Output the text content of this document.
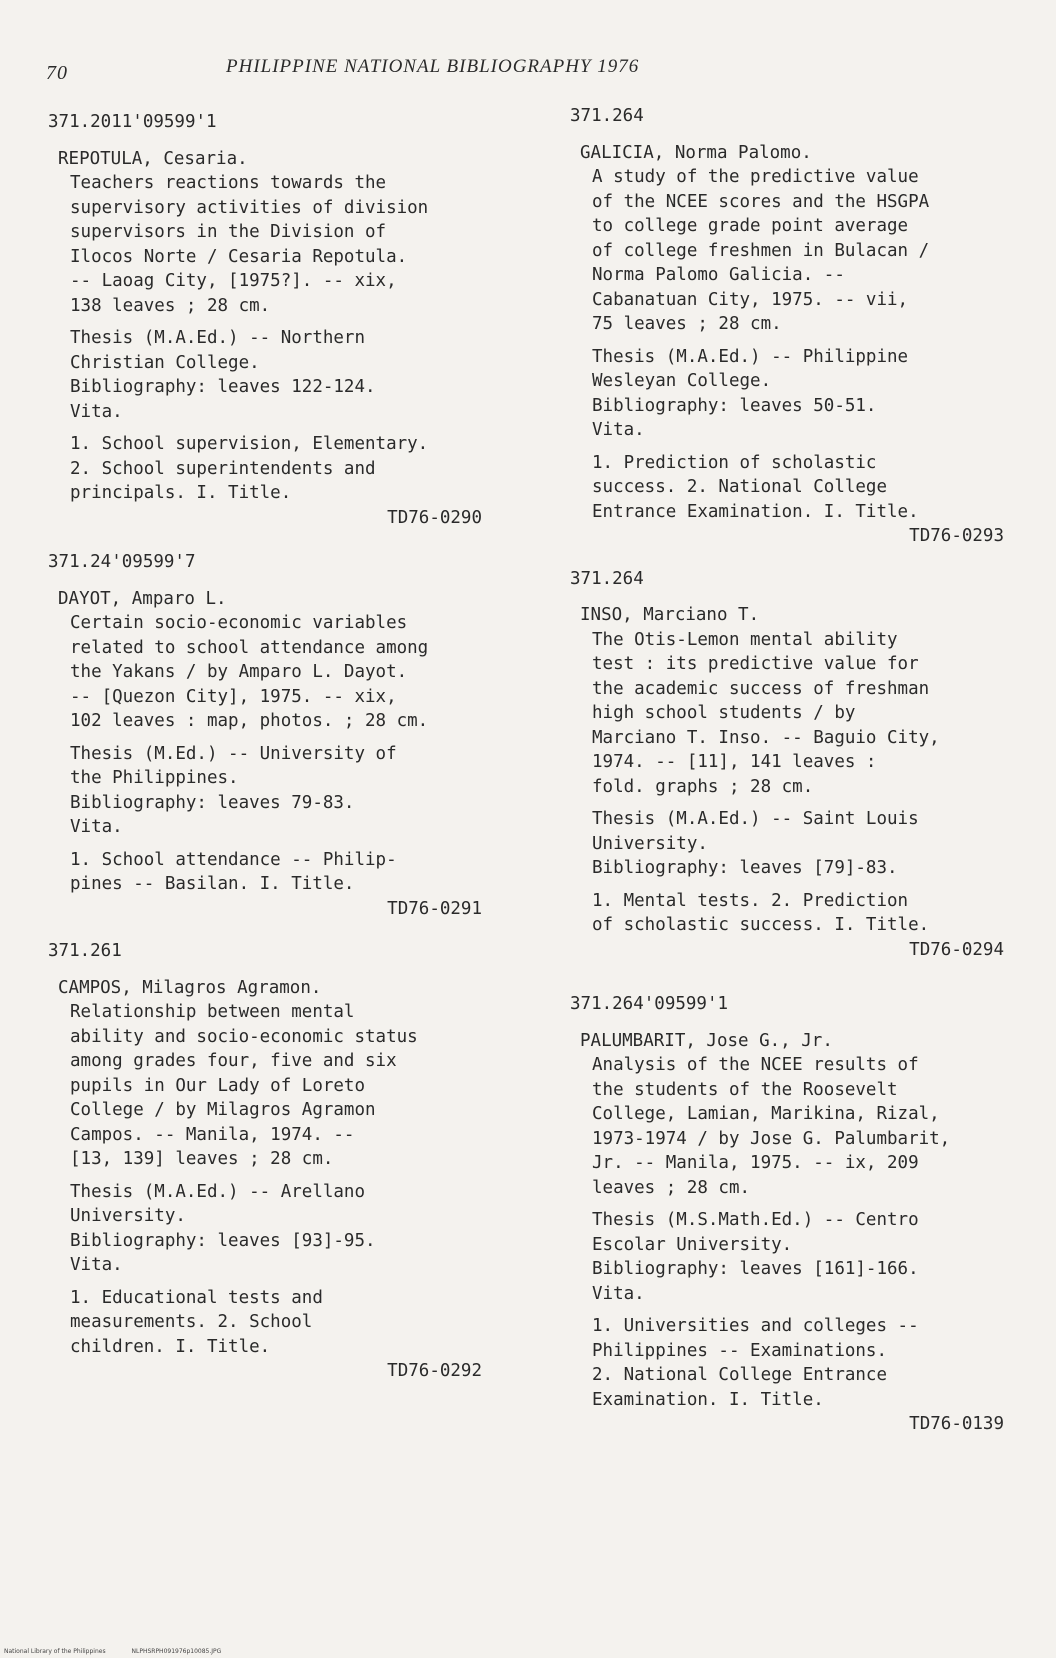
70	PHILIPPINE NATIONAL BIBLIOGRAPHY 1976
371.2011'09599'1
REPOTULA, Cesaria.
Teachers reactions towards the
supervisory activities of division
supervisors in the Division of
Ilocos Norte / Cesaria Repotula.
-- Laoag City, [1975?]. -- xix,
138 leaves ; 28 cm.
Thesis (M.A.Ed.) -- Northern
Christian College.
Bibliography: leaves 122-124.
Vita.
1. School supervision, Elementary.
2. School superintendents and
principals. I. Title.
TD76-0290
371.24'09599'7
DAYOT, Amparo L.
Certain socio-economic variables
related to school attendance among
the Yakans / by Amparo L. Dayot.
-- [Quezon City], 1975. -- xix,
102 leaves : map, photos. ; 28 cm.
Thesis (M.Ed.) -- University of
the Philippines.
Bibliography: leaves 79-83.
Vita.
1. School attendance -- Philip-
pines -- Basilan. I. Title.
TD76-0291
371.261
CAMPOS, Milagros Agramon.
Relationship between mental
ability and socio-economic status
among grades four, five and six
pupils in Our Lady of Loreto
College / by Milagros Agramon
Campos. -- Manila, 1974. --
[13, 139] leaves ; 28 cm.
Thesis (M.A.Ed.) -- Arellano
University.
Bibliography: leaves [93]-95.
Vita.
1. Educational tests and
measurements. 2. School
children. I. Title.
TD76-0292
371.264
GALICIA, Norma Palomo.
A study of the predictive value
of the NCEE scores and the HSGPA
to college grade point average
of college freshmen in Bulacan /
Norma Palomo Galicia. --
Cabanatuan City, 1975. -- vii,
75 leaves ; 28 cm.
Thesis (M.A.Ed.) -- Philippine
Wesleyan College.
Bibliography: leaves 50-51.
Vita.
1. Prediction of scholastic
success. 2. National College
Entrance Examination. I. Title.
TD76-0293
371.264
INSO, Marciano T.
The Otis-Lemon mental ability
test : its predictive value for
the academic success of freshman
high school students / by
Marciano T. Inso. -- Baguio City,
1974. -- [11], 141 leaves :
fold. graphs ; 28 cm.
Thesis (M.A.Ed.) -- Saint Louis
University.
Bibliography: leaves [79]-83.
1. Mental tests. 2. Prediction
of scholastic success. I. Title.
TD76-0294
371.264'09599'1
PALUMBARIT, Jose G., Jr.
Analysis of the NCEE results of
the students of the Roosevelt
College, Lamian, Marikina, Rizal,
1973-1974 / by Jose G. Palumbarit,
Jr. -- Manila, 1975. -- ix, 209
leaves ; 28 cm.
Thesis (M.S.Math.Ed.) -- Centro
Escolar University.
Bibliography: leaves [161]-166.
Vita.
1. Universities and colleges --
Philippines -- Examinations.
2. National College Entrance
Examination. I. Title.
TD76-0139
National Library of the Philippines	NLPHSRPH091976p10085.JPG
